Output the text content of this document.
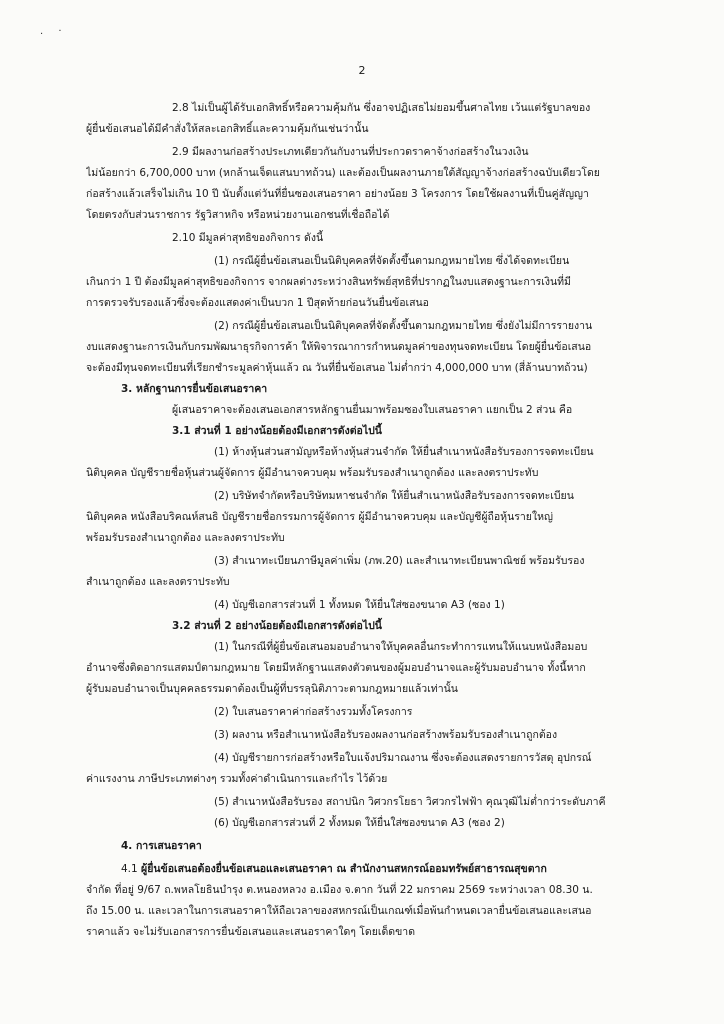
. ·
2

2.8 ไม่เป็นผู้ได้รับเอกสิทธิ์หรือความคุ้มกัน ซึ่งอาจปฏิเสธไม่ยอมขึ้นศาลไทย เว้นแต่รัฐบาลของ

ผู้ยื่นข้อเสนอได้มีคำสั่งให้สละเอกสิทธิ์และความคุ้มกันเช่นว่านั้น

2.9 มีผลงานก่อสร้างประเภทเดียวกันกับงานที่ประกวดราคาจ้างก่อสร้างในวงเงิน

ไม่น้อยกว่า 6,700,000 บาท (หกล้านเจ็ดแสนบาทถ้วน) และต้องเป็นผลงานภายใต้สัญญาจ้างก่อสร้างฉบับเดียวโดย

ก่อสร้างแล้วเสร็จไม่เกิน 10 ปี นับตั้งแต่วันที่ยื่นซองเสนอราคา อย่างน้อย 3 โครงการ โดยใช้ผลงานที่เป็นคู่สัญญา

โดยตรงกับส่วนราชการ รัฐวิสาหกิจ หรือหน่วยงานเอกชนที่เชื่อถือได้

2.10 มีมูลค่าสุทธิของกิจการ ดังนี้

(1) กรณีผู้ยื่นข้อเสนอเป็นนิติบุคคลที่จัดตั้งขึ้นตามกฎหมายไทย ซึ่งได้จดทะเบียน

เกินกว่า 1 ปี ต้องมีมูลค่าสุทธิของกิจการ จากผลต่างระหว่างสินทรัพย์สุทธิที่ปรากฏในงบแสดงฐานะการเงินที่มี

การตรวจรับรองแล้วซึ่งจะต้องแสดงค่าเป็นบวก 1 ปีสุดท้ายก่อนวันยื่นข้อเสนอ

(2) กรณีผู้ยื่นข้อเสนอเป็นนิติบุคคลที่จัดตั้งขึ้นตามกฎหมายไทย ซึ่งยังไม่มีการรายงาน

งบแสดงฐานะการเงินกับกรมพัฒนาธุรกิจการค้า ให้พิจารณาการกำหนดมูลค่าของทุนจดทะเบียน โดยผู้ยื่นข้อเสนอ

จะต้องมีทุนจดทะเบียนที่เรียกชำระมูลค่าหุ้นแล้ว ณ วันที่ยื่นข้อเสนอ ไม่ต่ำกว่า 4,000,000 บาท (สี่ล้านบาทถ้วน)

3. หลักฐานการยื่นข้อเสนอราคา

ผู้เสนอราคาจะต้องเสนอเอกสารหลักฐานยื่นมาพร้อมซองใบเสนอราคา แยกเป็น 2 ส่วน คือ

3.1 ส่วนที่ 1 อย่างน้อยต้องมีเอกสารดังต่อไปนี้

(1) ห้างหุ้นส่วนสามัญหรือห้างหุ้นส่วนจำกัด ให้ยื่นสำเนาหนังสือรับรองการจดทะเบียน

นิติบุคคล บัญชีรายชื่อหุ้นส่วนผู้จัดการ ผู้มีอำนาจควบคุม พร้อมรับรองสำเนาถูกต้อง และลงตราประทับ

(2) บริษัทจำกัดหรือบริษัทมหาชนจำกัด ให้ยื่นสำเนาหนังสือรับรองการจดทะเบียน

นิติบุคคล หนังสือบริคณห์สนธิ บัญชีรายชื่อกรรมการผู้จัดการ ผู้มีอำนาจควบคุม และบัญชีผู้ถือหุ้นรายใหญ่

พร้อมรับรองสำเนาถูกต้อง และลงตราประทับ

(3) สำเนาทะเบียนภาษีมูลค่าเพิ่ม (ภพ.20) และสำเนาทะเบียนพาณิชย์ พร้อมรับรอง

สำเนาถูกต้อง และลงตราประทับ

(4) บัญชีเอกสารส่วนที่ 1 ทั้งหมด ให้ยื่นใส่ซองขนาด A3 (ซอง 1)

3.2 ส่วนที่ 2 อย่างน้อยต้องมีเอกสารดังต่อไปนี้

(1) ในกรณีที่ผู้ยื่นข้อเสนอมอบอำนาจให้บุคคลอื่นกระทำการแทนให้แนบหนังสือมอบ

อำนาจซึ่งติดอากรแสตมป์ตามกฎหมาย โดยมีหลักฐานแสดงตัวตนของผู้มอบอำนาจและผู้รับมอบอำนาจ ทั้งนี้หาก

ผู้รับมอบอำนาจเป็นบุคคลธรรมดาต้องเป็นผู้ที่บรรลุนิติภาวะตามกฎหมายแล้วเท่านั้น

(2) ใบเสนอราคาค่าก่อสร้างรวมทั้งโครงการ

(3) ผลงาน หรือสำเนาหนังสือรับรองผลงานก่อสร้างพร้อมรับรองสำเนาถูกต้อง

(4) บัญชีรายการก่อสร้างหรือใบแจ้งปริมาณงาน ซึ่งจะต้องแสดงรายการวัสดุ อุปกรณ์

ค่าแรงงาน ภาษีประเภทต่างๆ รวมทั้งค่าดำเนินการและกำไร ไว้ด้วย

(5) สำเนาหนังสือรับรอง สถาปนิก วิศวกรโยธา วิศวกรไฟฟ้า คุณวุฒิไม่ต่ำกว่าระดับภาคี

(6) บัญชีเอกสารส่วนที่ 2 ทั้งหมด ให้ยื่นใส่ซองขนาด A3 (ซอง 2)

4. การเสนอราคา

4.1 ผู้ยื่นข้อเสนอต้องยื่นข้อเสนอและเสนอราคา ณ สำนักงานสหกรณ์ออมทรัพย์สาธารณสุขตาก

จำกัด ที่อยู่ 9/67 ถ.พหลโยธินบำรุง ต.หนองหลวง อ.เมือง จ.ตาก วันที่ 22 มกราคม 2569 ระหว่างเวลา 08.30 น.

ถึง 15.00 น. และเวลาในการเสนอราคาให้ถือเวลาของสหกรณ์เป็นเกณฑ์เมื่อพ้นกำหนดเวลายื่นข้อเสนอและเสนอ

ราคาแล้ว จะไม่รับเอกสารการยื่นข้อเสนอและเสนอราคาใดๆ โดยเด็ดขาด
